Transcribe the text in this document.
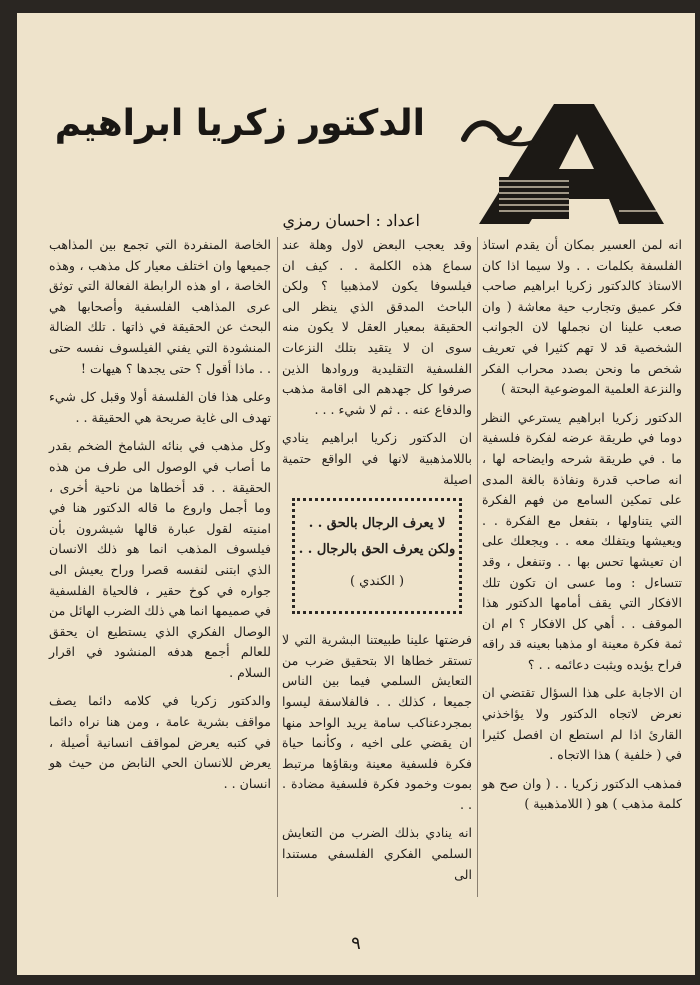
الدكتور زكريا ابراهيم
اعداد : احسان رمزي

انه لمن العسير بمكان أن يقدم استاذ الفلسفة بكلمات . . ولا سيما اذا كان الاستاذ كالدكتور زكريا ابراهيم صاحب فكر عميق وتجارب حية معاشة ( وان صعب علينا ان نجملها لان الجوانب الشخصية قد لا تهم كثيرا في تعريف شخص ما ونحن بصدد محراب الفكر والنزعة العلمية الموضوعية البحتة )

الدكتور زكريا ابراهيم يسترعي النظر دوما في طريقة عرضه لفكرة فلسفية ما . في طريقة شرحه وايضاحه لها ، انه صاحب قدرة ونفاذة بالغة المدى على تمكين السامع من فهم الفكرة التي يتناولها ، بتفعل مع الفكرة . . ويعيشها ويتفلك معه . . ويجعلك على ان تعيشها تحس بها . . وتنفعل ، وقد تتساءل : وما عسى ان تكون تلك الافكار التي يقف أمامها الدكتور هذا الموقف . . أهي كل الافكار ؟ ام ان ثمة فكرة معينة او مذهبا بعينه قد راقه فراح يؤيده ويثبت دعائمه . . ؟

ان الاجابة على هذا السؤال تقتضي ان نعرض لاتجاه الدكتور ولا يؤاخذني القارئ اذا لم استطع ان افصل كثيرا في ( خلفية ) هذا الاتجاه .

فمذهب الدكتور زكريا . . ( وان صح هو كلمة مذهب ) هو ( اللامذهبية )

وقد يعجب البعض لاول وهلة عند سماع هذه الكلمة . . كيف ان فيلسوفا يكون لامذهبيا ؟ ولكن الباحث المدقق الذي ينظر الى الحقيقة بمعيار العقل لا يكون منه سوى ان لا يتقيد بتلك النزعات الفلسفية التقليدية وروادها الذين صرفوا كل جهدهم الى اقامة مذهب والدفاع عنه . . ثم لا شيء . . .

ان الدكتور زكريا ابراهيم ينادي باللامذهبية لانها في الواقع حتمية اصيلة

لا يعرف الرجال بالحق . .
ولكن يعرف الحق بالرجال . .
( الكندي )

فرضتها علينا طبيعتنا البشرية التي لا تستقر خطاها الا بتحقيق ضرب من التعايش السلمي فيما بين الناس جميعا ، كذلك . . فالفلاسفة ليسوا بمجردعناكب سامة يريد الواحد منها ان يقضي على اخيه ، وكأنما حياة فكرة فلسفية معينة وبقاؤها مرتبط بموت وخمود فكرة فلسفية مضادة . . .

انه ينادي بذلك الضرب من التعايش السلمي الفكري الفلسفي مستندا الى

الخاصة المنفردة التي تجمع بين المذاهب جميعها وان اختلف معيار كل مذهب ، وهذه الخاصة ، او هذه الرابطة الفعالة التي توثق عرى المذاهب الفلسفية وأصحابها هي البحث عن الحقيقة في ذاتها . تلك الضالة المنشودة التي يفني الفيلسوف نفسه حتى . . ماذا أقول ؟ حتى يجدها ؟ هيهات !

وعلى هذا فان الفلسفة أولا وقبل كل شيء تهدف الى غاية صريحة هي الحقيقة . .

وكل مذهب في بنائه الشامخ الضخم بقدر ما أصاب في الوصول الى طرف من هذه الحقيقة . . قد أخطاها من ناحية أخرى ، وما أجمل واروع ما قاله الدكتور هنا في امنيته لقول عبارة قالها شيشرون بأن فيلسوف المذهب انما هو ذلك الانسان الذي ابتنى لنفسه قصرا وراح يعيش الى جواره في كوخ حقير ، فالحياة الفلسفية في صميمها انما هي ذلك الضرب الهائل من الوصال الفكري الذي يستطيع ان يحقق للعالم أجمع هدفه المنشود في اقرار السلام .

والدكتور زكريا في كلامه دائما يصف مواقف بشرية عامة ، ومن هنا نراه دائما في كتبه يعرض لمواقف انسانية أصيلة ، يعرض للانسان الحي النابض من حيث هو انسان . .

٩
